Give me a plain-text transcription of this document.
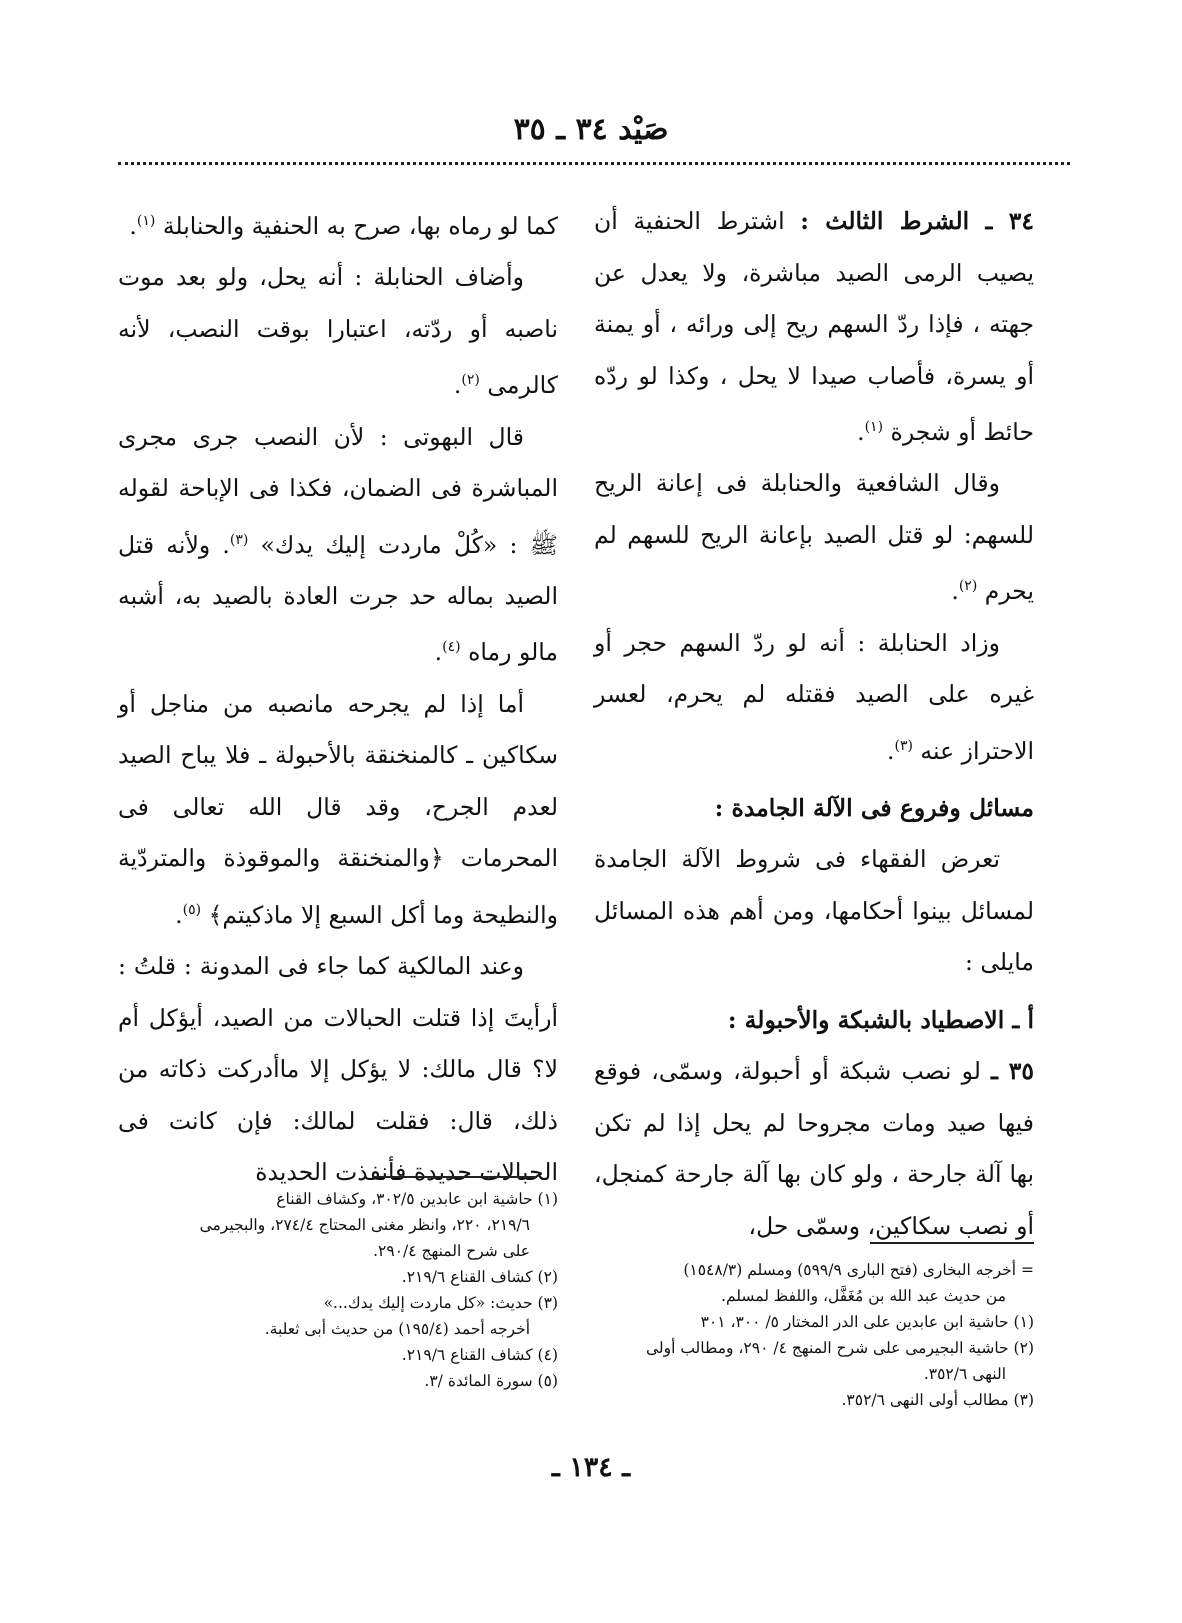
صَيْد ٣٤ ـ ٣٥

٣٤ ـ الشرط الثالث : اشترط الحنفية أن يصيب الرمى الصيد مباشرة، ولا يعدل عن جهته ، فإذا ردّ السهم ريح إلى ورائه ، أو يمنة أو يسرة، فأصاب صيدا لا يحل ، وكذا لو ردّه حائط أو شجرة $^{(١)}$.

وقال الشافعية والحنابلة فى إعانة الريح للسهم: لو قتل الصيد بإعانة الريح للسهم لم يحرم $^{(٢)}$.

وزاد الحنابلة : أنه لو ردّ السهم حجر أو غيره على الصيد فقتله لم يحرم، لعسر الاحتراز عنه $^{(٣)}$.

مسائل وفروع فى الآلة الجامدة :

تعرض الفقهاء فى شروط الآلة الجامدة لمسائل بينوا أحكامها، ومن أهم هذه المسائل مايلى :

أ ـ الاصطياد بالشبكة والأحبولة :

٣٥ ـ لو نصب شبكة أو أحبولة، وسمّى، فوقع فيها صيد ومات مجروحا لم يحل إذا لم تكن بها آلة جارحة ، ولو كان بها آلة جارحة كمنجل، أو نصب سكاكين، وسمّى حل،

كما لو رماه بها، صرح به الحنفية والحنابلة $^{(١)}$.

وأضاف الحنابلة : أنه يحل، ولو بعد موت ناصبه أو ردّته، اعتبارا بوقت النصب، لأنه كالرمى $^{(٢)}$.

قال البهوتى : لأن النصب جرى مجرى المباشرة فى الضمان، فكذا فى الإباحة لقوله ﷺ : «كُلْ ماردت إليك يدك» $^{(٣)}$. ولأنه قتل الصيد بماله حد جرت العادة بالصيد به، أشبه مالو رماه $^{(٤)}$.

أما إذا لم يجرحه مانصبه من مناجل أو سكاكين ـ كالمنخنقة بالأحبولة ـ فلا يباح الصيد لعدم الجرح، وقد قال الله تعالى فى المحرمات ﴿والمنخنقة والموقوذة والمتردّية والنطيحة وما أكل السبع إلا ماذكيتم﴾ $^{(٥)}$.

وعند المالكية كما جاء فى المدونة : قلتُ : أرأيتَ إذا قتلت الحبالات من الصيد، أيؤكل أم لا؟ قال مالك: لا يؤكل إلا ماأدركت ذكاته من ذلك، قال: فقلت لمالك: فإن كانت فى الحبالات حديدة فأنفذت الحديدة

= أخرجه البخارى (فتح البارى ٥٩٩/٩) ومسلم (١٥٤٨/٣)

من حديث عبد الله بن مُغَفَّل، واللفظ لمسلم.

(١) حاشية ابن عابدين على الدر المختار ٥/ ٣٠٠، ٣٠١

(٢) حاشية البجيرمى على شرح المنهج ٤/ ٢٩٠، ومطالب أولى

النهى ٣٥٢/٦.

(٣) مطالب أولى النهى ٣٥٢/٦.

(١) حاشية ابن عابدين ٣٠٢/٥، وكشاف القناع

٢١٩/٦، ٢٢٠، وانظر مغنى المحتاج ٢٧٤/٤، والبجيرمى

على شرح المنهج ٢٩٠/٤.

(٢) كشاف القناع ٢١٩/٦.

(٣) حديث: «كل ماردت إليك يدك...»

أخرجه أحمد (١٩٥/٤) من حديث أبى ثعلبة.

(٤) كشاف القناع ٢١٩/٦.

(٥) سورة المائدة /٣.

ـ ١٣٤ ـ
